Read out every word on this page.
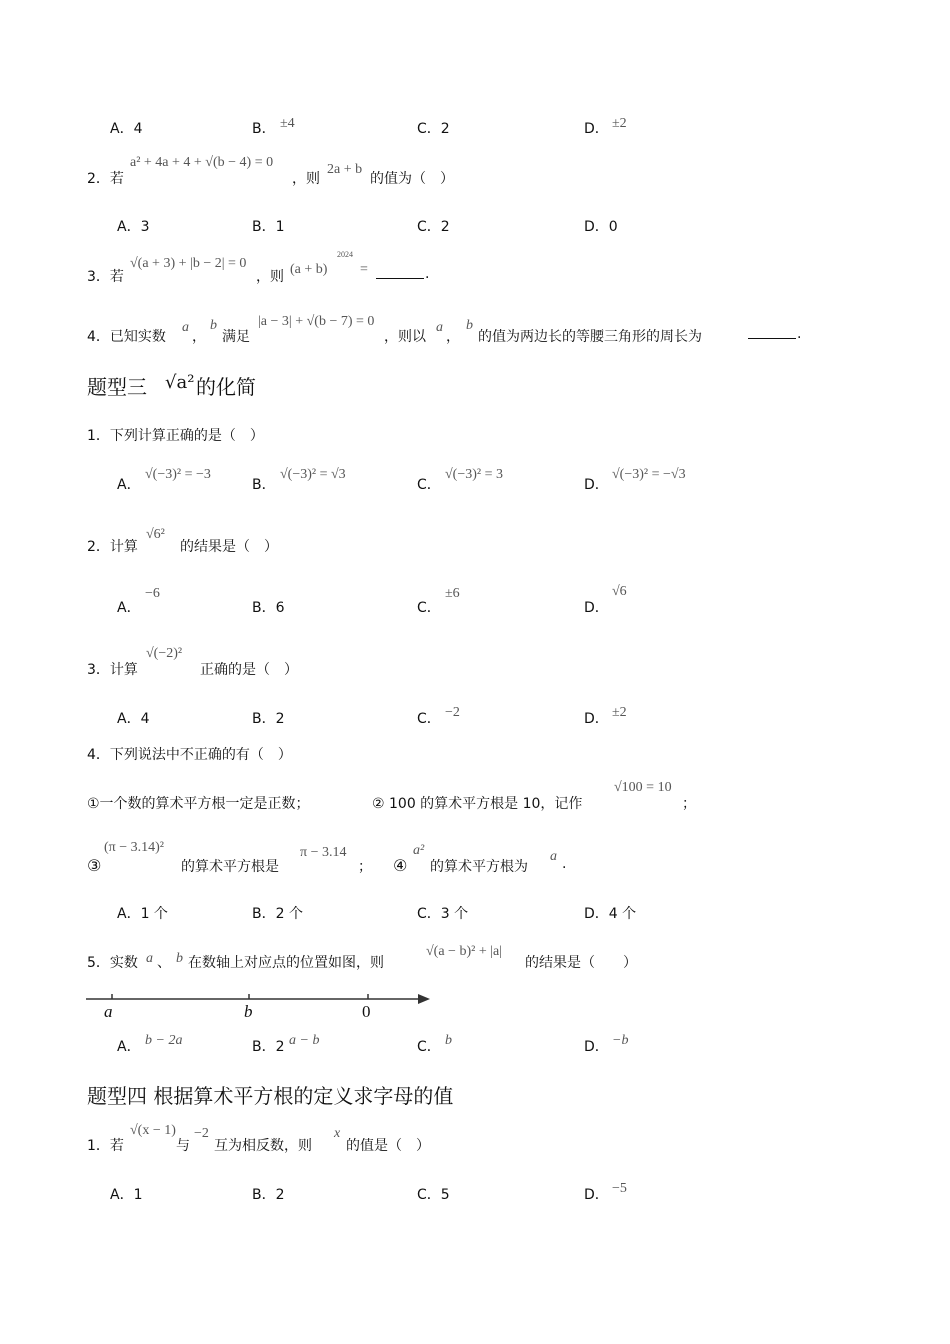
A．4	B． ±4	C．2	D． ±2
2．若
a² + 4a + 4 + √(b − 4) = 0
，则
2a + b
的值为（　）
A．3	B．1	C．2	D．0
3．若
√(a + 3) + |b − 2| = 0
，则 (a + b)
2024
=	.
4．已知实数
a
，
b
满足
|a − 3| + √(b − 7) = 0
，则以
a
，
b
的值为两边长的等腰三角形的周长为	.
题型三 √a² 的化简
1．下列计算正确的是（　）
A．
√(−3)² = −3
B．
√(−3)² = √3
C．
√(−3)² = 3
D．
√(−3)² = −√3
2．计算
√6²
的结果是（　）
A．
−6
B．6	C．
±6
D．
√6
3．计算
√(−2)²
正确的是（　）
A．4	B．2	C． −2	D． ±2
4．下列说法中不正确的有（　）
①一个数的算术平方根一定是正数；	② 100 的算术平方根是 10，记作
√100 = 10
；
③
(π − 3.14)²
的算术平方根是
π − 3.14
； ④
a²
的算术平方根为
a .
A．1 个	B．2 个	C．3 个	D．4 个
5．实数 a 、 b 在数轴上对应点的位置如图，则
√(a − b)² + |a|
的结果是（　　）
a	b	0
A． b − 2a	B．2 a − b	C． b	D． −b
题型四 根据算术平方根的定义求字母的值
1．若
√(x − 1)
与
−2
互为相反数，则
x
的值是（　）
A．1	B．2	C．5	D． −5
